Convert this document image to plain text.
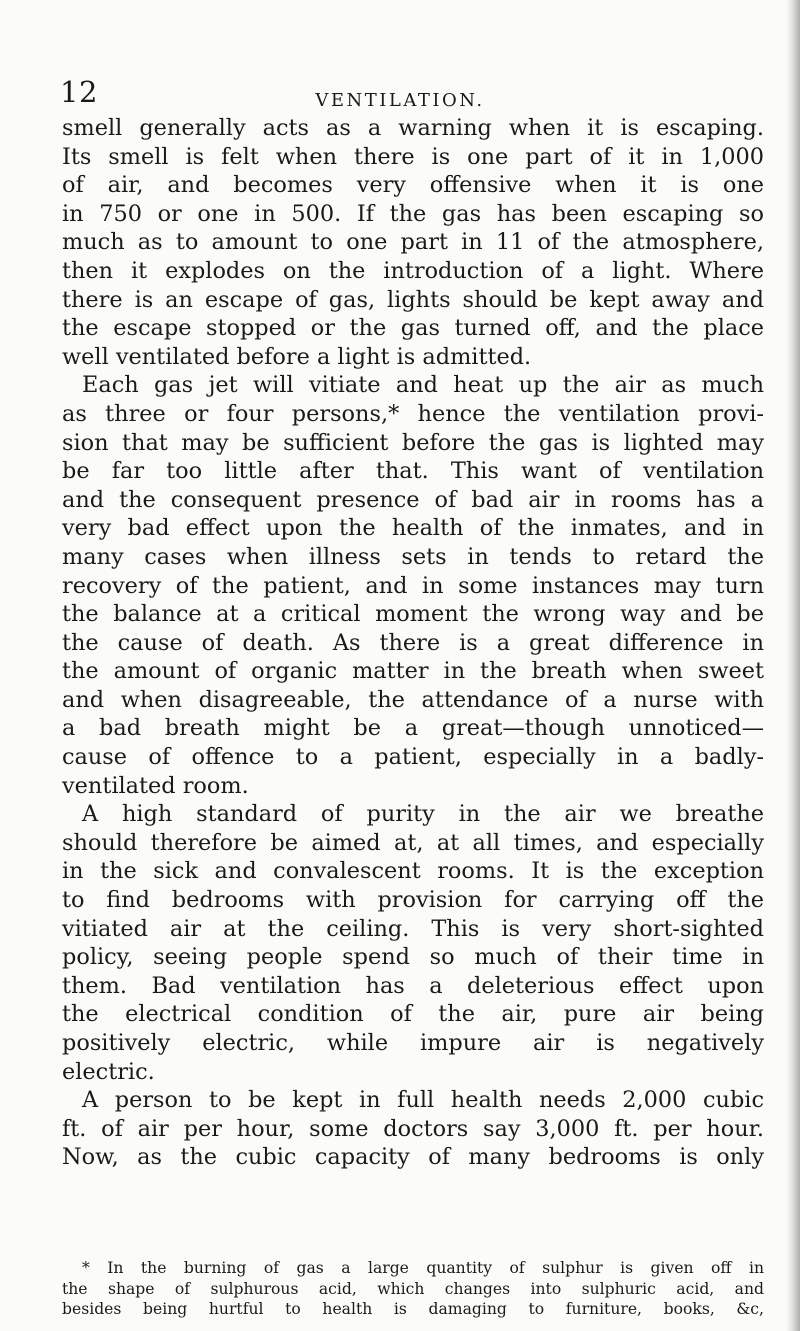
12	VENTILATION.
smell generally acts as a warning when it is escaping.
Its smell is felt when there is one part of it in 1,000
of air, and becomes very offensive when it is one
in 750 or one in 500. If the gas has been escaping so
much as to amount to one part in 11 of the atmosphere,
then it explodes on the introduction of a light. Where
there is an escape of gas, lights should be kept away and
the escape stopped or the gas turned off, and the place
well ventilated before a light is admitted.
Each gas jet will vitiate and heat up the air as much
as three or four persons,* hence the ventilation provi-
sion that may be sufficient before the gas is lighted may
be far too little after that. This want of ventilation
and the consequent presence of bad air in rooms has a
very bad effect upon the health of the inmates, and in
many cases when illness sets in tends to retard the
recovery of the patient, and in some instances may turn
the balance at a critical moment the wrong way and be
the cause of death. As there is a great difference in
the amount of organic matter in the breath when sweet
and when disagreeable, the attendance of a nurse with
a bad breath might be a great—though unnoticed—
cause of offence to a patient, especially in a badly-
ventilated room.
A high standard of purity in the air we breathe
should therefore be aimed at, at all times, and especially
in the sick and convalescent rooms. It is the exception
to find bedrooms with provision for carrying off the
vitiated air at the ceiling. This is very short-sighted
policy, seeing people spend so much of their time in
them. Bad ventilation has a deleterious effect upon
the electrical condition of the air, pure air being
positively electric, while impure air is negatively
electric.
A person to be kept in full health needs 2,000 cubic
ft. of air per hour, some doctors say 3,000 ft. per hour.
Now, as the cubic capacity of many bedrooms is only
* In the burning of gas a large quantity of sulphur is given off in
the shape of sulphurous acid, which changes into sulphuric acid, and
besides being hurtful to health is damaging to furniture, books, &c,
